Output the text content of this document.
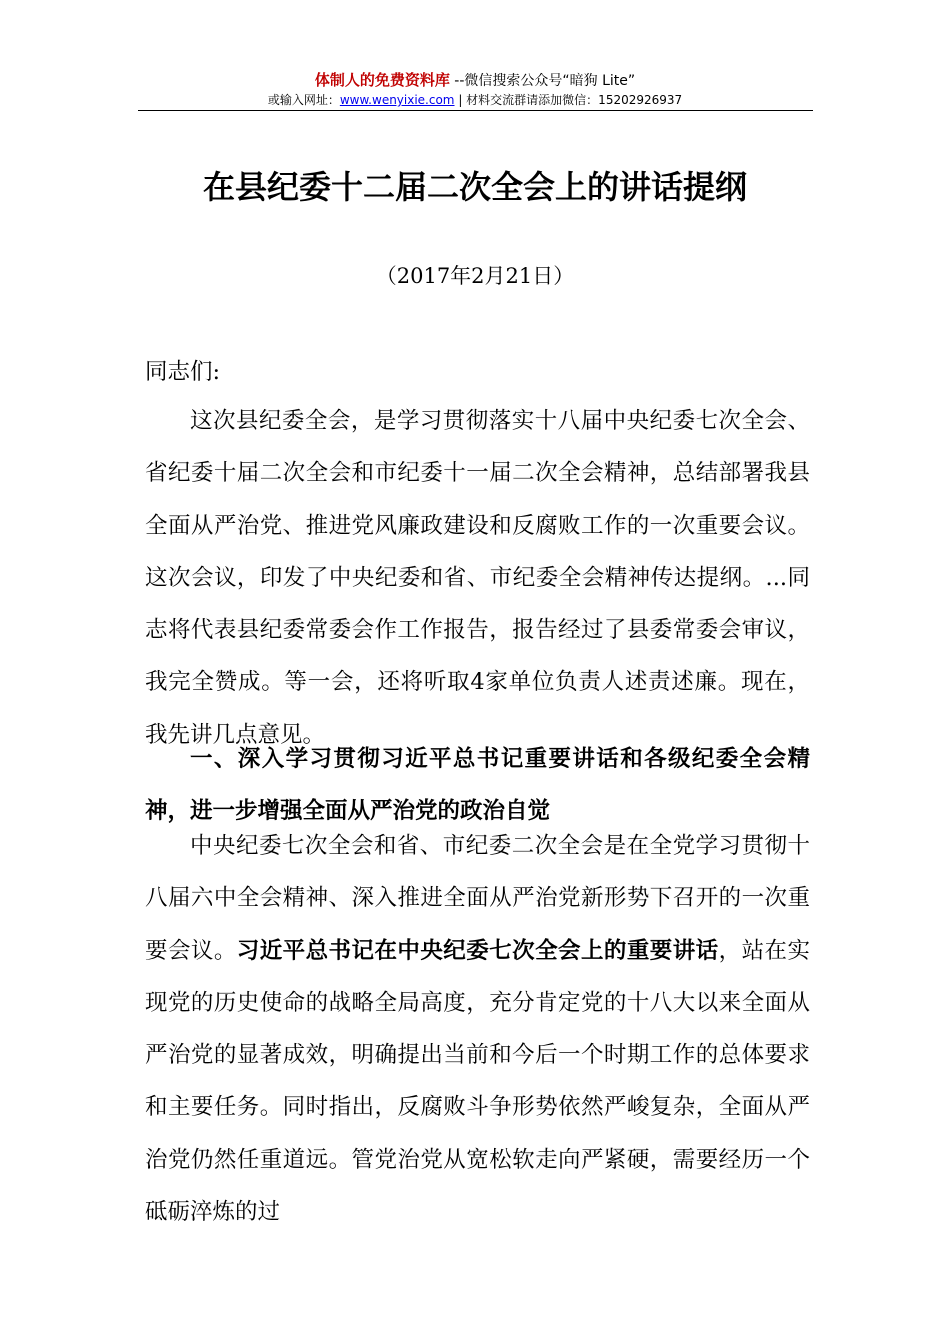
体制人的免费资料库 --微信搜索公众号“暗狗 Lite”
或输入网址：www.wenyixie.com | 材料交流群请添加微信：15202926937
在县纪委十二届二次全会上的讲话提纲
（2017年2月21日）
同志们:
这次县纪委全会，是学习贯彻落实十八届中央纪委七次全会、省纪委十届二次全会和市纪委十一届二次全会精神，总结部署我县全面从严治党、推进党风廉政建设和反腐败工作的一次重要会议。这次会议，印发了中央纪委和省、市纪委全会精神传达提纲。...同志将代表县纪委常委会作工作报告，报告经过了县委常委会审议，我完全赞成。等一会，还将听取4家单位负责人述责述廉。现在，我先讲几点意见。
一、深入学习贯彻习近平总书记重要讲话和各级纪委全会精神，进一步增强全面从严治党的政治自觉
中央纪委七次全会和省、市纪委二次全会是在全党学习贯彻十八届六中全会精神、深入推进全面从严治党新形势下召开的一次重要会议。习近平总书记在中央纪委七次全会上的重要讲话，站在实现党的历史使命的战略全局高度，充分肯定党的十八大以来全面从严治党的显著成效，明确提出当前和今后一个时期工作的总体要求和主要任务。同时指出，反腐败斗争形势依然严峻复杂，全面从严治党仍然任重道远。管党治党从宽松软走向严紧硬，需要经历一个砥砺淬炼的过
